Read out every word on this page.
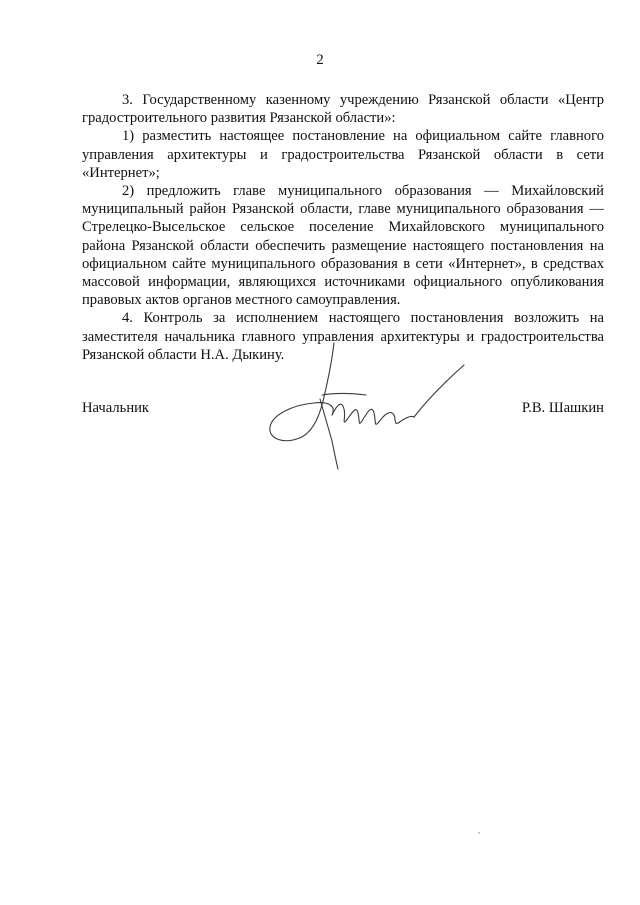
2

3. Государственному казенному учреждению Рязанской области «Центр градостроительного развития Рязанской области»:

1) разместить настоящее постановление на официальном сайте главного управления архитектуры и градостроительства Рязанской области в сети «Интернет»;

2) предложить главе муниципального образования — Михайловский муниципальный район Рязанской области, главе муниципального образования — Стрелецко-Высельское сельское поселение Михайловского муниципального района Рязанской области обеспечить размещение настоящего постановления на официальном сайте муниципального образования в сети «Интернет», в средствах массовой информации, являющихся источниками официального опубликования правовых актов органов местного самоуправления.

4. Контроль за исполнением настоящего постановления возложить на заместителя начальника главного управления архитектуры и градостроительства Рязанской области Н.А. Дыкину.

Начальник	Р.В. Шашкин
